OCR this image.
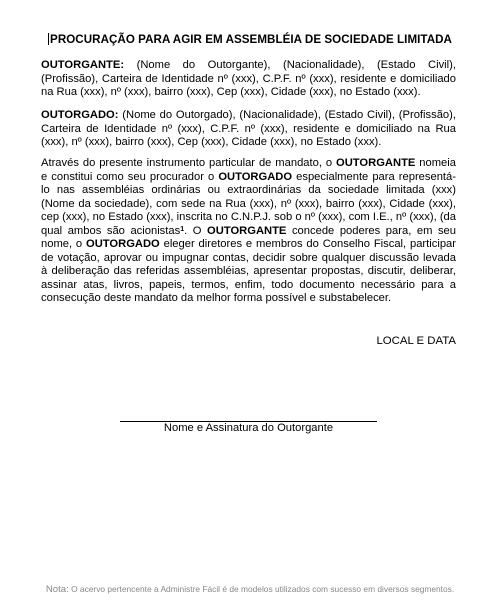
PROCURAÇÃO PARA AGIR EM ASSEMBLÉIA DE SOCIEDADE LIMITADA
OUTORGANTE: (Nome do Outorgante), (Nacionalidade), (Estado Civil), (Profissão), Carteira de Identidade nº (xxx), C.P.F. nº (xxx), residente e domiciliado na Rua (xxx), nº (xxx), bairro (xxx), Cep (xxx), Cidade (xxx), no Estado (xxx).
OUTORGADO: (Nome do Outorgado), (Nacionalidade), (Estado Civil), (Profissão), Carteira de Identidade nº (xxx), C.P.F. nº (xxx), residente e domiciliado na Rua (xxx), nº (xxx), bairro (xxx), Cep (xxx), Cidade (xxx), no Estado (xxx).
Através do presente instrumento particular de mandato, o OUTORGANTE nomeia e constitui como seu procurador o OUTORGADO especialmente para representá-lo nas assembléias ordinárias ou extraordinárias da sociedade limitada (xxx) (Nome da sociedade), com sede na Rua (xxx), nº (xxx), bairro (xxx), Cidade (xxx), cep (xxx), no Estado (xxx), inscrita no C.N.P.J. sob o nº (xxx), com I.E., nº (xxx), (da qual ambos são acionistas$^1$. O OUTORGANTE concede poderes para, em seu nome, o OUTORGADO eleger diretores e membros do Conselho Fiscal, participar de votação, aprovar ou impugnar contas, decidir sobre qualquer discussão levada à deliberação das referidas assembléias, apresentar propostas, discutir, deliberar, assinar atas, livros, papeis, termos, enfim, todo documento necessário para a consecução deste mandato da melhor forma possível e substabelecer.
LOCAL E DATA
Nome e Assinatura do Outorgante
Nota: O acervo pertencente a Administre Fácil é de modelos utilizados com sucesso em diversos segmentos.
